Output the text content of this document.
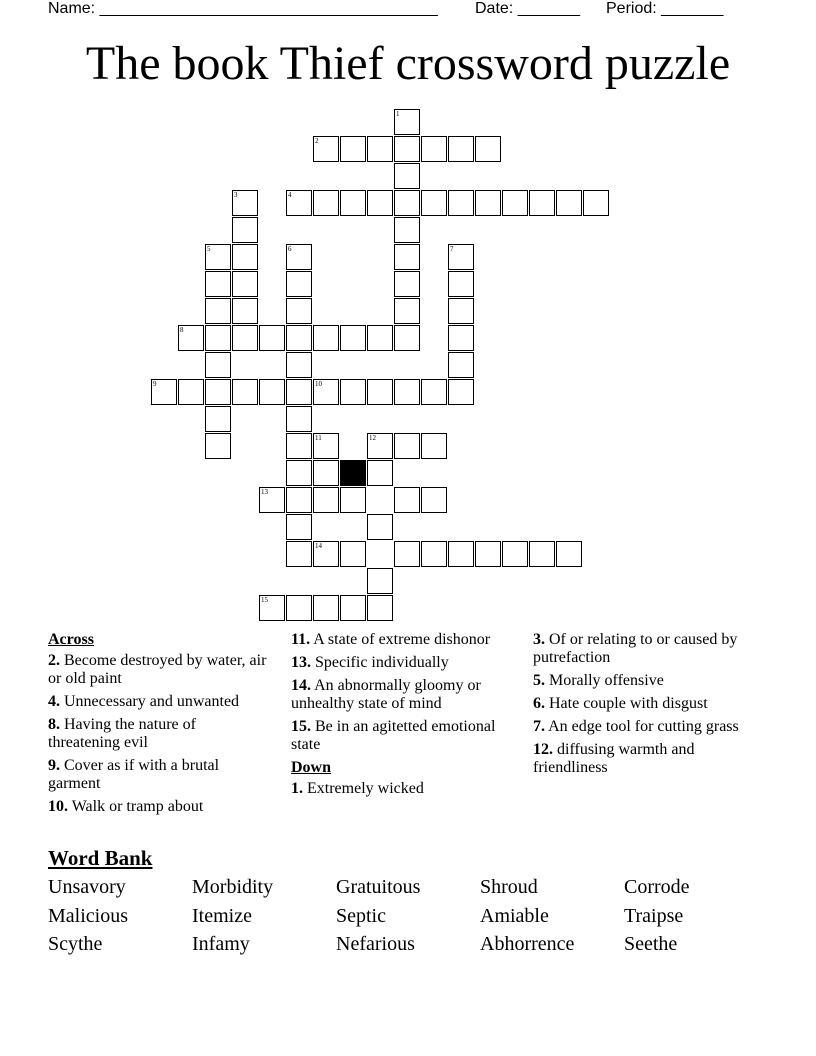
Name: ______________________________________ Date: _______ Period: _______
The book Thief crossword puzzle
1
2
3	4
5	6	7
8
9	10
11	12
13
14
15
Across
2. Become destroyed by water, air or old paint
4. Unnecessary and unwanted
8. Having the nature of threatening evil
9. Cover as if with a brutal garment
10. Walk or tramp about
11. A state of extreme dishonor
13. Specific individually
14. An abnormally gloomy or unhealthy state of mind
15. Be in an agitetted emotional state
Down
1. Extremely wicked
3. Of or relating to or caused by putrefaction
5. Morally offensive
6. Hate couple with disgust
7. An edge tool for cutting grass
12. diffusing warmth and friendliness
Word Bank
Unsavory	Morbidity	Gratuitous	Shroud	Corrode
Malicious	Itemize	Septic	Amiable	Traipse
Scythe	Infamy	Nefarious	Abhorrence Seethe
